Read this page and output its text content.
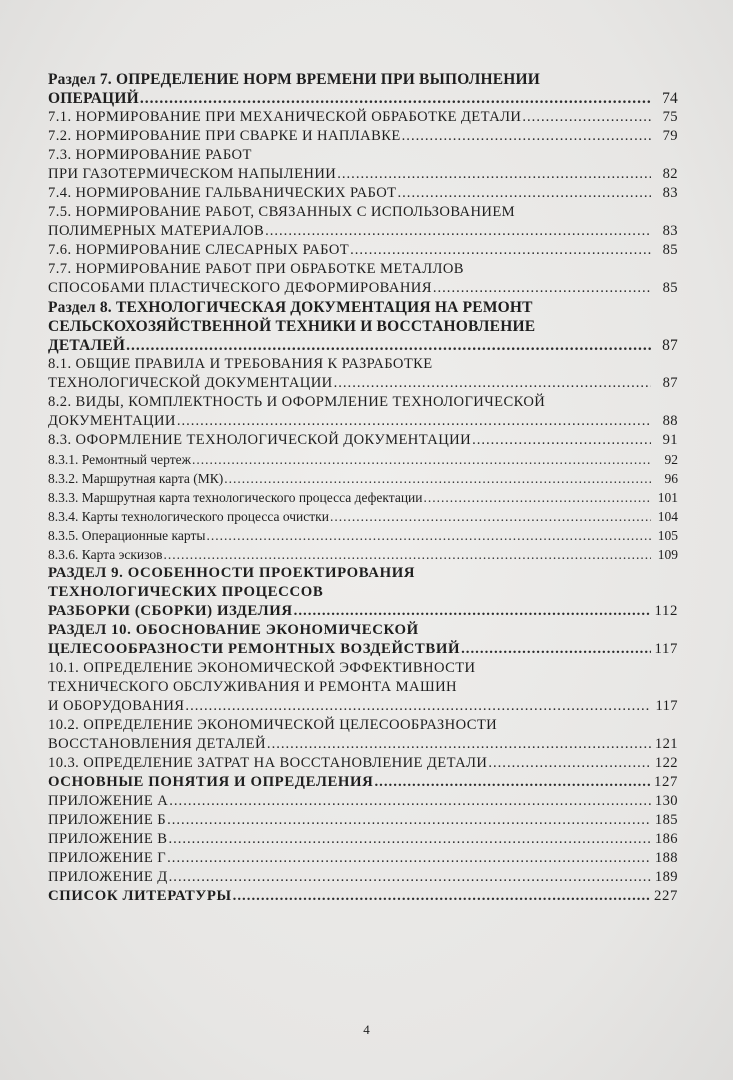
Раздел 7. ОПРЕДЕЛЕНИЕ НОРМ ВРЕМЕНИ ПРИ ВЫПОЛНЕНИИ
ОПЕРАЦИЙ .....	74
7.1. НОРМИРОВАНИЕ ПРИ МЕХАНИЧЕСКОЙ ОБРАБОТКЕ ДЕТАЛИ .....	75
7.2. НОРМИРОВАНИЕ ПРИ СВАРКЕ И НАПЛАВКЕ .....	79
7.3. НОРМИРОВАНИЕ РАБОТ
ПРИ ГАЗОТЕРМИЧЕСКОМ НАПЫЛЕНИИ .....	82
7.4. НОРМИРОВАНИЕ ГАЛЬВАНИЧЕСКИХ РАБОТ .....	83
7.5. НОРМИРОВАНИЕ РАБОТ, СВЯЗАННЫХ С ИСПОЛЬЗОВАНИЕМ
ПОЛИМЕРНЫХ МАТЕРИАЛОВ .....	83
7.6. НОРМИРОВАНИЕ СЛЕСАРНЫХ РАБОТ .....	85
7.7. НОРМИРОВАНИЕ РАБОТ ПРИ ОБРАБОТКЕ МЕТАЛЛОВ
СПОСОБАМИ ПЛАСТИЧЕСКОГО ДЕФОРМИРОВАНИЯ .....	85
Раздел 8. ТЕХНОЛОГИЧЕСКАЯ ДОКУМЕНТАЦИЯ НА РЕМОНТ
СЕЛЬСКОХОЗЯЙСТВЕННОЙ ТЕХНИКИ И ВОССТАНОВЛЕНИЕ
ДЕТАЛЕЙ .....	87
8.1. ОБЩИЕ ПРАВИЛА И ТРЕБОВАНИЯ К РАЗРАБОТКЕ
ТЕХНОЛОГИЧЕСКОЙ ДОКУМЕНТАЦИИ .....	87
8.2. ВИДЫ, КОМПЛЕКТНОСТЬ И ОФОРМЛЕНИЕ ТЕХНОЛОГИЧЕСКОЙ
ДОКУМЕНТАЦИИ .....	88
8.3. ОФОРМЛЕНИЕ ТЕХНОЛОГИЧЕСКОЙ ДОКУМЕНТАЦИИ .....	91
8.3.1. Ремонтный чертеж .....	92
8.3.2. Маршрутная карта (МК) .....	96
8.3.3. Маршрутная карта технологического процесса дефектации .....	101
8.3.4. Карты технологического процесса очистки .....	104
8.3.5. Операционные карты .....	105
8.3.6. Карта эскизов .....	109
РАЗДЕЛ 9. ОСОБЕННОСТИ ПРОЕКТИРОВАНИЯ
ТЕХНОЛОГИЧЕСКИХ ПРОЦЕССОВ
РАЗБОРКИ (СБОРКИ) ИЗДЕЛИЯ .....	112
РАЗДЕЛ 10. ОБОСНОВАНИЕ ЭКОНОМИЧЕСКОЙ
ЦЕЛЕСООБРАЗНОСТИ РЕМОНТНЫХ ВОЗДЕЙСТВИЙ .....	117
10.1. ОПРЕДЕЛЕНИЕ ЭКОНОМИЧЕСКОЙ ЭФФЕКТИВНОСТИ
ТЕХНИЧЕСКОГО ОБСЛУЖИВАНИЯ И РЕМОНТА МАШИН
И ОБОРУДОВАНИЯ .....	117
10.2. ОПРЕДЕЛЕНИЕ ЭКОНОМИЧЕСКОЙ ЦЕЛЕСООБРАЗНОСТИ
ВОССТАНОВЛЕНИЯ ДЕТАЛЕЙ .....	121
10.3. ОПРЕДЕЛЕНИЕ ЗАТРАТ НА ВОССТАНОВЛЕНИЕ ДЕТАЛИ .....	122
ОСНОВНЫЕ ПОНЯТИЯ И ОПРЕДЕЛЕНИЯ .....	127
ПРИЛОЖЕНИЕ А .....	130
ПРИЛОЖЕНИЕ Б .....	185
ПРИЛОЖЕНИЕ В .....	186
ПРИЛОЖЕНИЕ Г .....	188
ПРИЛОЖЕНИЕ Д .....	189
СПИСОК ЛИТЕРАТУРЫ .....	227
4
